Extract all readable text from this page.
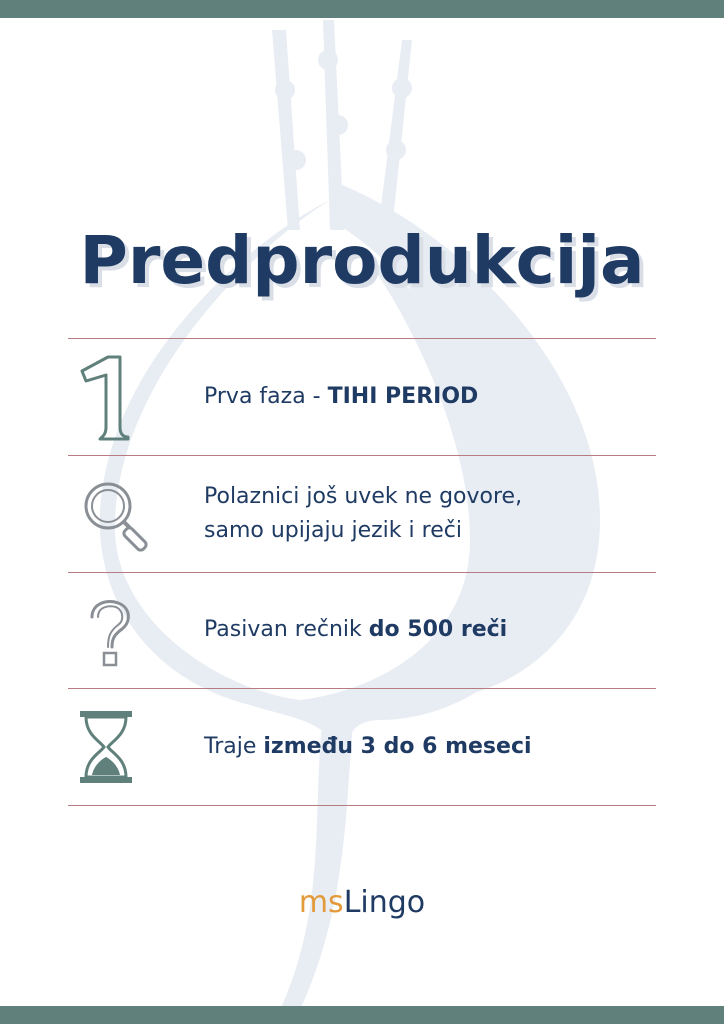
Predprodukcija
Prva faza - TIHI PERIOD
Polaznici još uvek ne govore,
samo upijaju jezik i reči
Pasivan rečnik do 500 reči
Traje između 3 do 6 meseci
msLingo
